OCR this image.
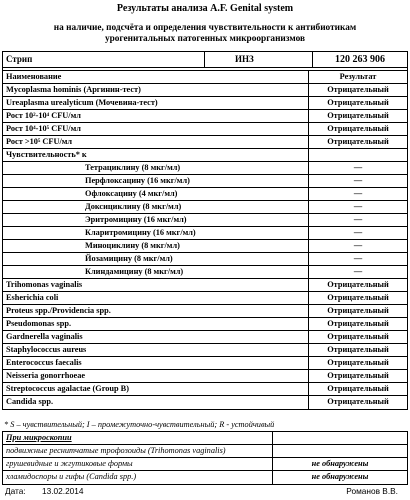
Результаты анализа A.F. Genital system
на наличие, подсчёта и определения чувствительности к антибиотикам
урогенитальных патогенных микроорганизмов
Стрип	ИНЗ	120 263 906
Наименование	Результат
Mycoplasma hominis (Аргинин-тест)	Отрицательный
Ureaplasma urealyticum (Мочевина-тест)	Отрицательный
Рост 10²-10⁴ CFU/мл	Отрицательный
Рост 10⁴-10⁵ CFU/мл	Отрицательный
Рост >10⁵ CFU/мл	Отрицательный
Чувствительность* к
Тетрациклину (8 мкг/мл)	—
Перфлоксацину (16 мкг/мл)	—
Офлоксацину (4 мкг/мл)	—
Доксициклину (8 мкг/мл)	—
Эритромицину (16 мкг/мл)	—
Кларитромицину (16 мкг/мл)	—
Миноциклину (8 мкг/мл)	—
Йозамицину (8 мкг/мл)	—
Клиндамицину (8 мкг/мл)	—
Trihomonas vaginalis	Отрицательный
Esherichia coli	Отрицательный
Proteus spp./Providencia spp.	Отрицательный
Pseudomonas spp.	Отрицательный
Gardnerella vaginalis	Отрицательный
Staphylococcus aureus	Отрицательный
Enterococcus faecalis	Отрицательный
Neisseria gonorrhoeae	Отрицательный
Streptococcus agalactae (Group B)	Отрицательный
Candida spp.	Отрицательный
* S – чувствительный; I – промежуточно-чувствительный; R - устойчивый
При микроскопии
подвижные реснитчатые трофозоиды (Trihomonas vaginalis)
грушевидные и жгутиковые формы	не обнаружены
хламидоспоры и гифы (Candida spp.)	не обнаружены
Дата: 13.02.2014	Романов В.В.
